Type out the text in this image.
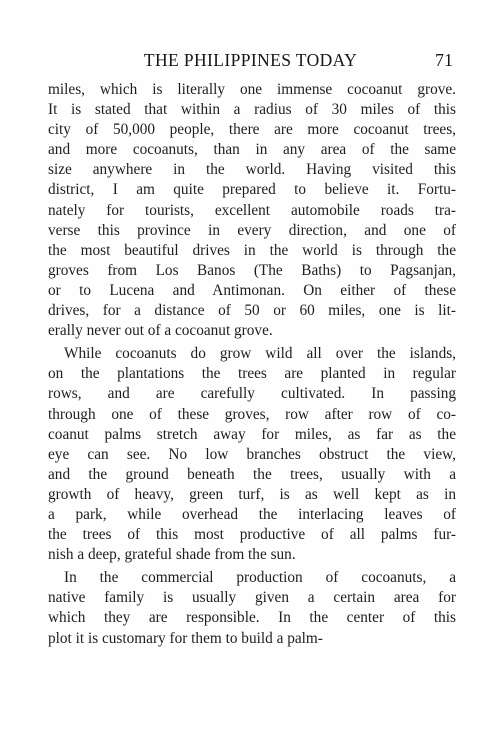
THE PHILIPPINES TODAY	71
miles, which is literally one immense cocoanut grove.
It is stated that within a radius of 30 miles of this
city of 50,000 people, there are more cocoanut trees,
and more cocoanuts, than in any area of the same
size anywhere in the world. Having visited this
district, I am quite prepared to believe it. Fortu-
nately for tourists, excellent automobile roads tra-
verse this province in every direction, and one of
the most beautiful drives in the world is through the
groves from Los Banos (The Baths) to Pagsanjan,
or to Lucena and Antimonan. On either of these
drives, for a distance of 50 or 60 miles, one is lit-
erally never out of a cocoanut grove.
While cocoanuts do grow wild all over the islands,
on the plantations the trees are planted in regular
rows, and are carefully cultivated. In passing
through one of these groves, row after row of co-
coanut palms stretch away for miles, as far as the
eye can see. No low branches obstruct the view,
and the ground beneath the trees, usually with a
growth of heavy, green turf, is as well kept as in
a park, while overhead the interlacing leaves of
the trees of this most productive of all palms fur-
nish a deep, grateful shade from the sun.
In the commercial production of cocoanuts, a
native family is usually given a certain area for
which they are responsible. In the center of this
plot it is customary for them to build a palm-
